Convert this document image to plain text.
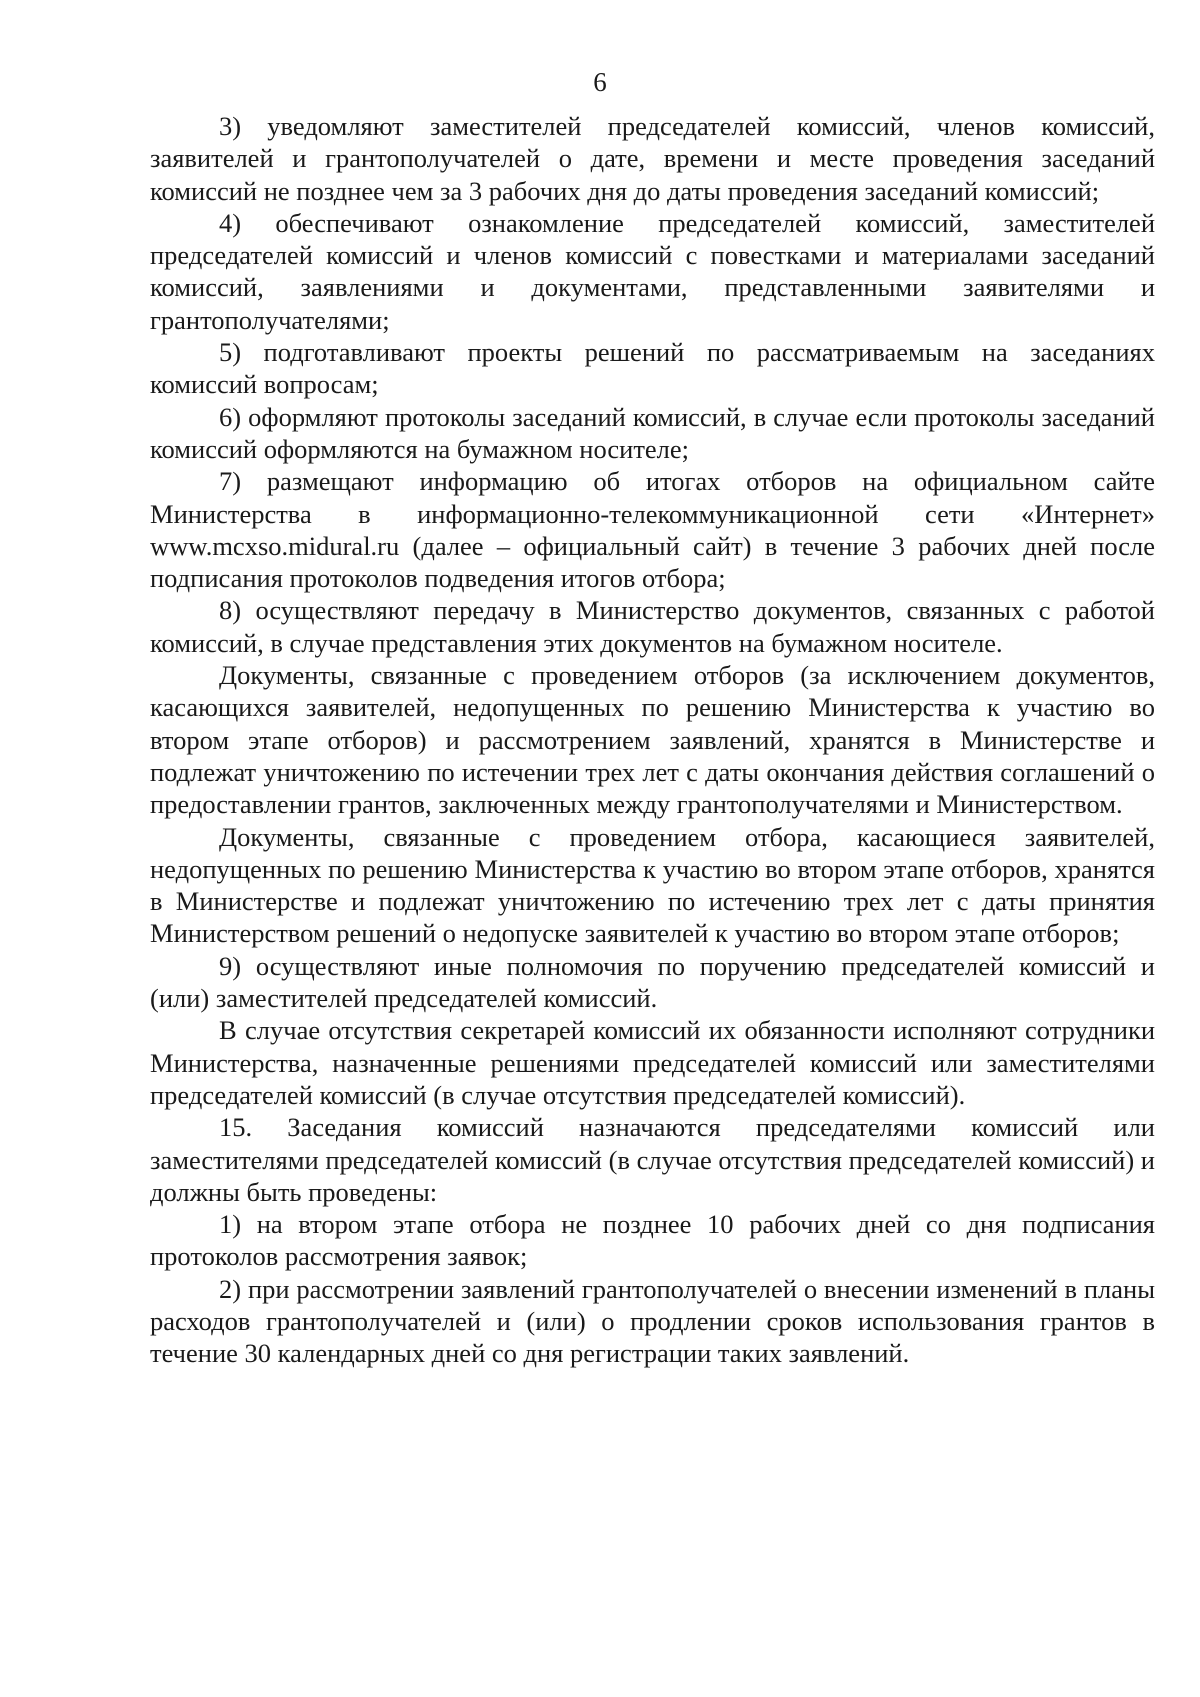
6

3) уведомляют заместителей председателей комиссий, членов комиссий, заявителей и грантополучателей о дате, времени и месте проведения заседаний комиссий не позднее чем за 3 рабочих дня до даты проведения заседаний комиссий;

4) обеспечивают ознакомление председателей комиссий, заместителей председателей комиссий и членов комиссий с повестками и материалами заседаний комиссий, заявлениями и документами, представленными заявителями и грантополучателями;

5) подготавливают проекты решений по рассматриваемым на заседаниях комиссий вопросам;

6) оформляют протоколы заседаний комиссий, в случае если протоколы заседаний комиссий оформляются на бумажном носителе;

7) размещают информацию об итогах отборов на официальном сайте Министерства в информационно-телекоммуникационной сети «Интернет» www.mcxso.midural.ru (далее – официальный сайт) в течение 3 рабочих дней после подписания протоколов подведения итогов отбора;

8) осуществляют передачу в Министерство документов, связанных с работой комиссий, в случае представления этих документов на бумажном носителе.

Документы, связанные с проведением отборов (за исключением документов, касающихся заявителей, недопущенных по решению Министерства к участию во втором этапе отборов) и рассмотрением заявлений, хранятся в Министерстве и подлежат уничтожению по истечении трех лет с даты окончания действия соглашений о предоставлении грантов, заключенных между грантополучателями и Министерством.

Документы, связанные с проведением отбора, касающиеся заявителей, недопущенных по решению Министерства к участию во втором этапе отборов, хранятся в Министерстве и подлежат уничтожению по истечению трех лет с даты принятия Министерством решений о недопуске заявителей к участию во втором этапе отборов;

9) осуществляют иные полномочия по поручению председателей комиссий и (или) заместителей председателей комиссий.

В случае отсутствия секретарей комиссий их обязанности исполняют сотрудники Министерства, назначенные решениями председателей комиссий или заместителями председателей комиссий (в случае отсутствия председателей комиссий).

15. Заседания комиссий назначаются председателями комиссий или заместителями председателей комиссий (в случае отсутствия председателей комиссий) и должны быть проведены:

1) на втором этапе отбора не позднее 10 рабочих дней со дня подписания протоколов рассмотрения заявок;

2) при рассмотрении заявлений грантополучателей о внесении изменений в планы расходов грантополучателей и (или) о продлении сроков использования грантов в течение 30 календарных дней со дня регистрации таких заявлений.
